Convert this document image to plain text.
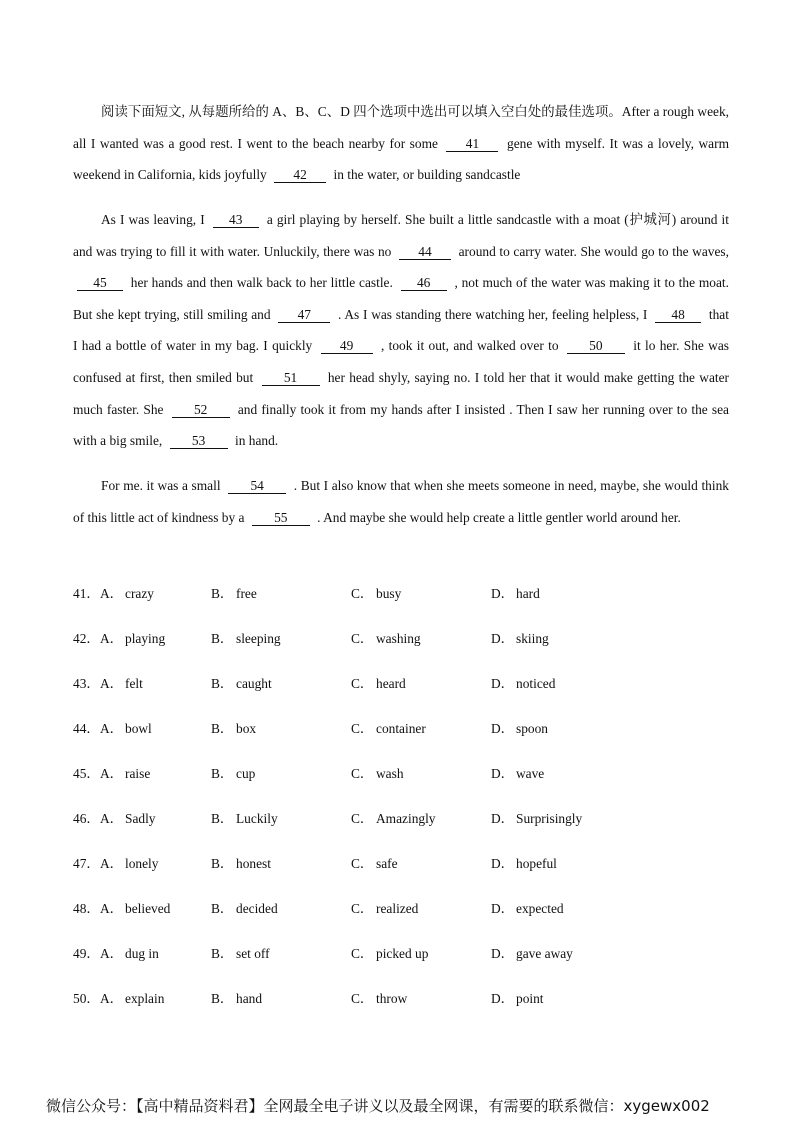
阅读下面短文, 从每题所给的 A、B、C、D 四个选项中选出可以填入空白处的最佳选项。After a rough week, all I wanted was a good rest. I went to the beach nearby for some 41 gene with myself. It was a lovely, warm weekend in California, kids joyfully 42 in the water, or building sandcastle

As I was leaving, I 43 a girl playing by herself. She built a little sandcastle with a moat (护城河) around it and was trying to fill it with water. Unluckily, there was no 44 around to carry water. She would go to the waves, 45 her hands and then walk back to her little castle. 46 , not much of the water was making it to the moat. But she kept trying, still smiling and 47 . As I was standing there watching her, feeling helpless, I 48 that I had a bottle of water in my bag. I quickly 49 , took it out, and walked over to 50 it lo her. She was confused at first, then smiled but 51 her head shyly, saying no. I told her that it would make getting the water much faster. She 52 and finally took it from my hands after I insisted . Then I saw her running over to the sea with a big smile, 53 in hand.

For me. it was a small 54 . But I also know that when she meets someone in need, maybe, she would think of this little act of kindness by a 55 . And maybe she would help create a little gentler world around her.

41． A． crazy	B． free	C． busy	D． hard
42． A． playing	B． sleeping	C． washing	D． skiing
43． A． felt	B． caught	C． heard	D． noticed
44． A． bowl	B． box	C． container	D． spoon
45． A． raise	B． cup	C． wash	D． wave
46． A． Sadly	B． Luckily	C． Amazingly	D． Surprisingly
47． A． lonely	B． honest	C． safe	D． hopeful
48． A． believed	B． decided	C． realized	D． expected
49． A． dug in	B． set off	C． picked up	D． gave away
50． A． explain	B． hand	C． throw	D． point
微信公众号：【高中精品资料君】全网最全电子讲义以及最全网课，有需要的联系微信：xygewx002
